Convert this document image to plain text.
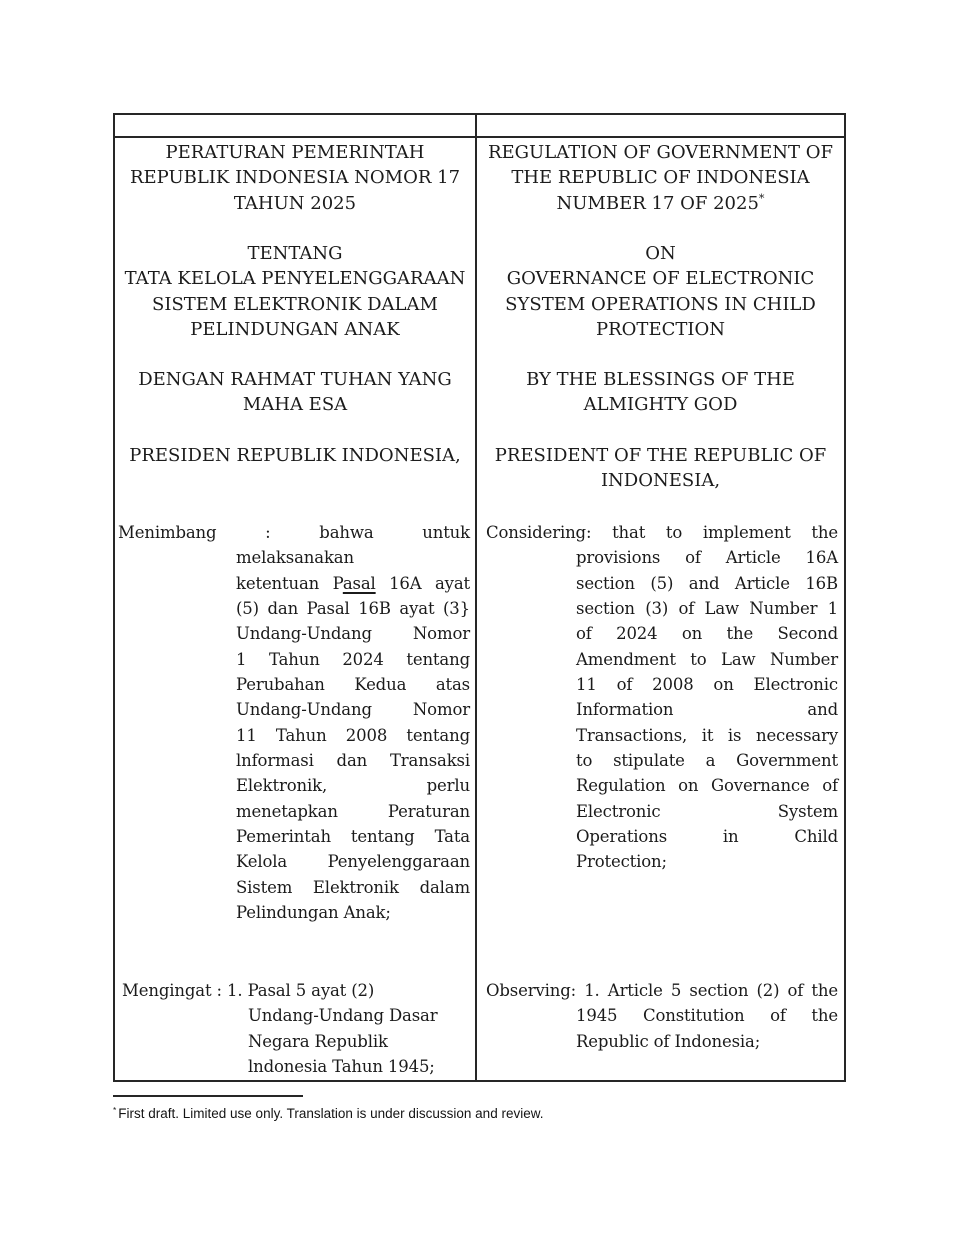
PERATURAN PEMERINTAH
REPUBLIK INDONESIA NOMOR 17
TAHUN 2025
TENTANG
TATA KELOLA PENYELENGGARAAN
SISTEM ELEKTRONIK DALAM
PELINDUNGAN ANAK
DENGAN RAHMAT TUHAN YANG
MAHA ESA
PRESIDEN REPUBLIK INDONESIA,
Menimbang : bahwa untuk
melaksanakan
ketentuan Pasal 16A ayat
(5) dan Pasal 16B ayat (3}
Undang-Undang Nomor
1 Tahun 2024 tentang
Perubahan Kedua atas
Undang-Undang Nomor
11 Tahun 2008 tentang
lnformasi dan Transaksi
Elektronik, perlu
menetapkan Peraturan
Pemerintah tentang Tata
Kelola Penyelenggaraan
Sistem Elektronik dalam
Pelindungan Anak;
Mengingat : 1. Pasal 5 ayat (2)
Undang-Undang Dasar
Negara Republik
lndonesia Tahun 1945;
REGULATION OF GOVERNMENT OF
THE REPUBLIC OF INDONESIA
NUMBER 17 OF 2025*
ON
GOVERNANCE OF ELECTRONIC
SYSTEM OPERATIONS IN CHILD
PROTECTION
BY THE BLESSINGS OF THE
ALMIGHTY GOD
PRESIDENT OF THE REPUBLIC OF
INDONESIA,
Considering: that to implement the
provisions of Article 16A
section (5) and Article 16B
section (3) of Law Number 1
of 2024 on the Second
Amendment to Law Number
11 of 2008 on Electronic
Information and
Transactions, it is necessary
to stipulate a Government
Regulation on Governance of
Electronic System
Operations in Child
Protection;
Observing: 1. Article 5 section (2) of the
1945 Constitution of the
Republic of Indonesia;
* First draft. Limited use only. Translation is under discussion and review.
